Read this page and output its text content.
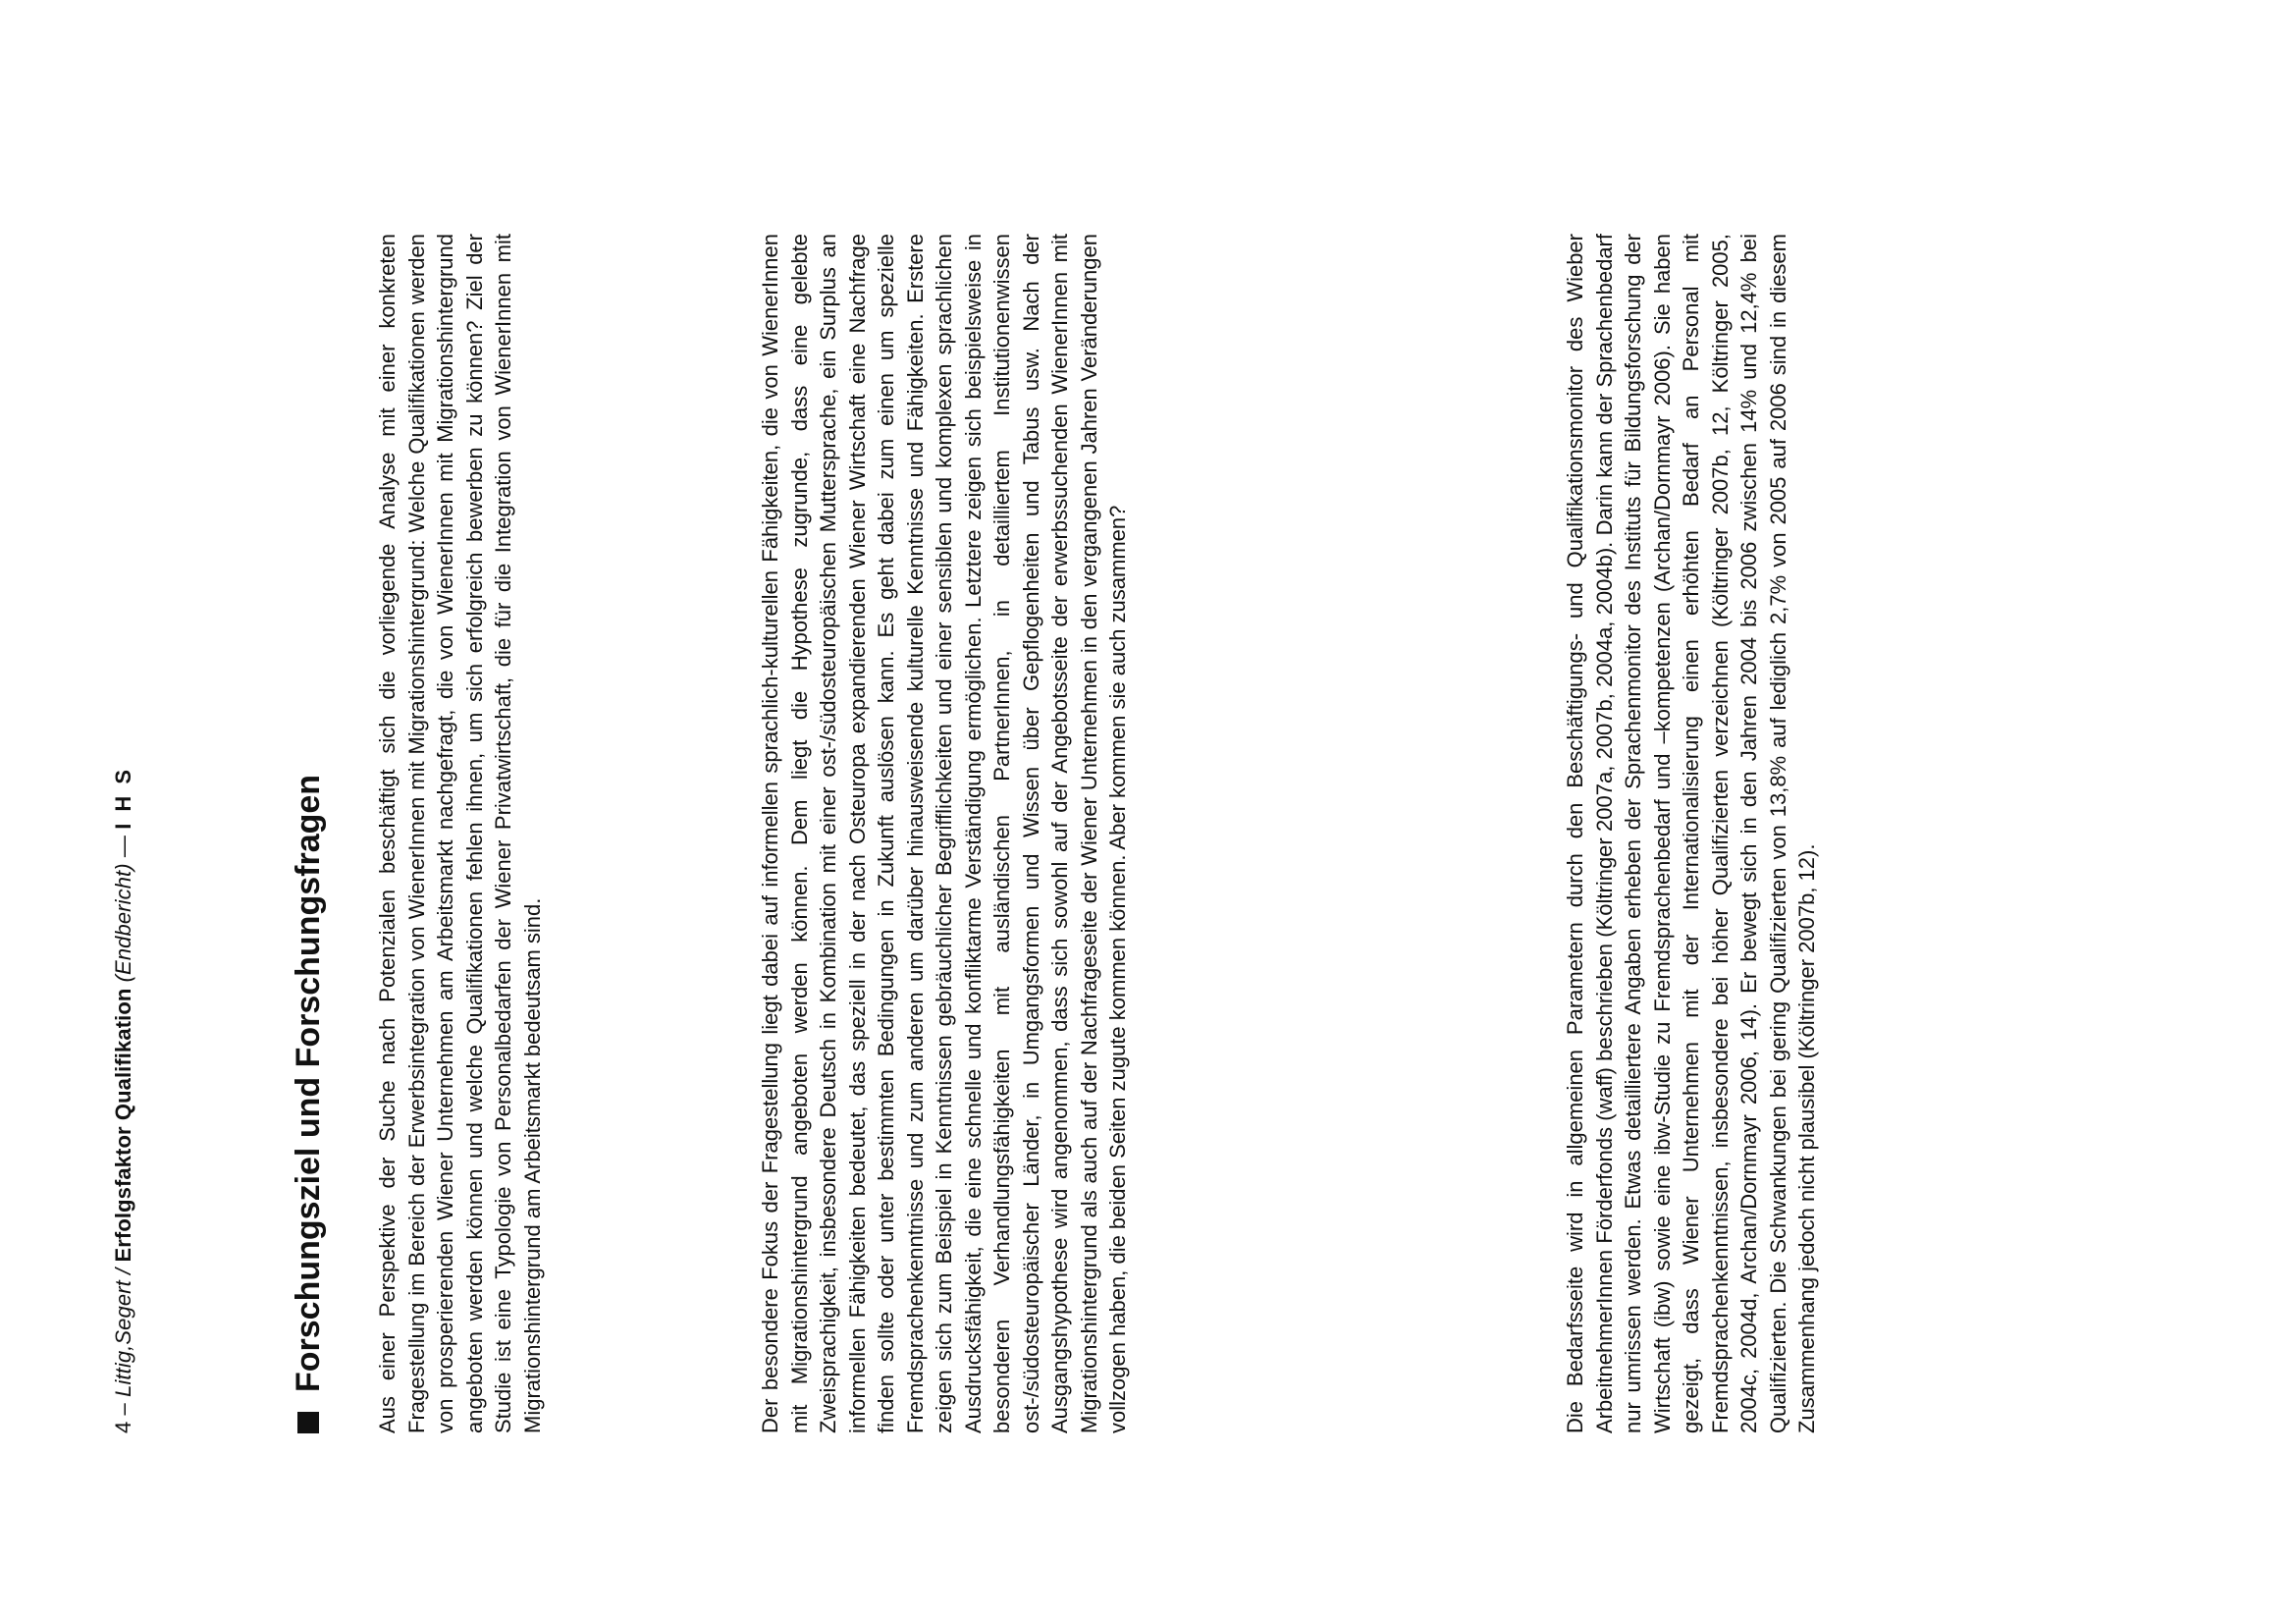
4 – Littig,Segert / Erfolgsfaktor Qualifikation (Endbericht) — I H S	Forschungsziel und Forschungsfragen Aus einer Perspektive der Suche nach Potenzialen beschäftigt sich die vorliegende Analyse mit einer konkreten Fragestellung im Bereich der Erwerbsintegration von WienerInnen mit Migrationshintergrund: Welche Qualifikationen werden von prosperierenden Wiener Unternehmen am Arbeitsmarkt nachgefragt, die von WienerInnen mit Migrationshintergrund angeboten werden können und welche Qualifikationen fehlen ihnen, um sich erfolgreich bewerben zu können? Ziel der Studie ist eine Typologie von Personalbedarfen der Wiener Privatwirtschaft, die für die Integration von WienerInnen mit Migrationshintergrund am Arbeitsmarkt bedeutsam sind.	Der besondere Fokus der Fragestellung liegt dabei auf informellen sprachlich-kulturellen Fähigkeiten, die von WienerInnen mit Migrationshintergrund angeboten werden können. Dem liegt die Hypothese zugrunde, dass eine gelebte Zweisprachigkeit, insbesondere Deutsch in Kombination mit einer ost-/südosteuropäischen Muttersprache, ein Surplus an informellen Fähigkeiten bedeutet, das speziell in der nach Osteuropa expandierenden Wiener Wirtschaft eine Nachfrage finden sollte oder unter bestimmten Bedingungen in Zukunft auslösen kann. Es geht dabei zum einen um spezielle Fremdsprachenkenntnisse und zum anderen um darüber hinausweisende kulturelle Kenntnisse und Fähigkeiten. Erstere zeigen sich zum Beispiel in Kenntnissen gebräuchlicher Begrifflichkeiten und einer sensiblen und komplexen sprachlichen Ausdrucksfähigkeit, die eine schnelle und konfliktarme Verständigung ermöglichen. Letztere zeigen sich beispielsweise in besonderen Verhandlungsfähigkeiten mit ausländischen PartnerInnen, in detailliertem Institutionenwissen ost-/südosteuropäischer Länder, in Umgangsformen und Wissen über Gepflogenheiten und Tabus usw. Nach der Ausgangshypothese wird angenommen, dass sich sowohl auf der Angebotsseite der erwerbssuchenden WienerInnen mit Migrationshintergrund als auch auf der Nachfrageseite der Wiener Unternehmen in den vergangenen Jahren Veränderungen vollzogen haben, die beiden Seiten zugute kommen können. Aber kommen sie auch zusammen?	Die Bedarfsseite wird in allgemeinen Parametern durch den Beschäftigungs- und Qualifikationsmonitor des Wieber ArbeitnehmerInnen Förderfonds (waff) beschrieben (Költringer 2007a, 2007b, 2004a, 2004b). Darin kann der Sprachenbedarf nur umrissen werden. Etwas detailliertere Angaben erheben der Sprachenmonitor des Instituts für Bildungsforschung der Wirtschaft (ibw) sowie eine ibw-Studie zu Fremdsprachenbedarf und –kompetenzen (Archan/Dornmayr 2006). Sie haben gezeigt, dass Wiener Unternehmen mit der Internationalisierung einen erhöhten Bedarf an Personal mit Fremdsprachenkenntnissen, insbesondere bei höher Qualifizierten verzeichnen (Költringer 2007b, 12, Költringer 2005, 2004c, 2004d, Archan/Dornmayr 2006, 14). Er bewegt sich in den Jahren 2004 bis 2006 zwischen 14% und 12,4% bei Qualifizierten. Die Schwankungen bei gering Qualifizierten von 13,8% auf lediglich 2,7% von 2005 auf 2006 sind in diesem Zusammenhang jedoch nicht plausibel (Költringer 2007b, 12).
